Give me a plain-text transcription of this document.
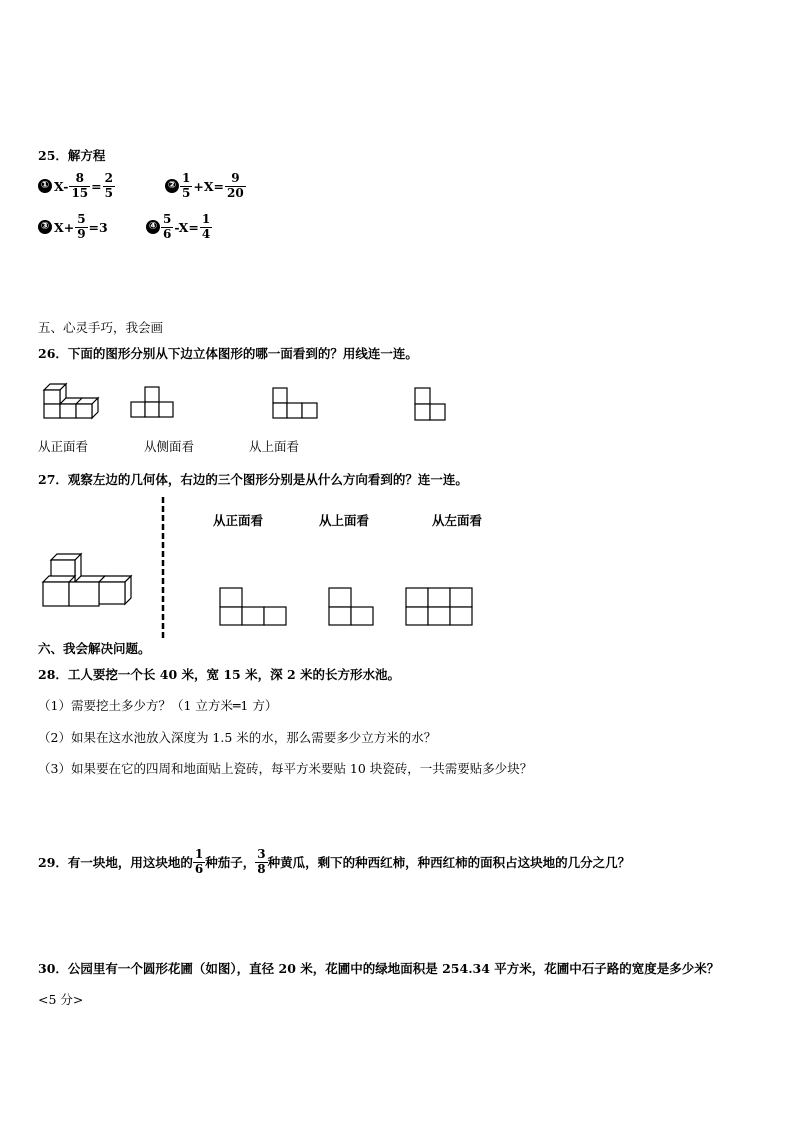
25．解方程
① $X- \frac{8}{15} = \frac{2}{5}$	② $\frac{1}{5} +X= \frac{9}{20}$
③ $X+ \frac{5}{9} =3$	④ $\frac{5}{6} -X= \frac{1}{4}$
五、心灵手巧，我会画
26．下面的图形分别从下边立体图形的哪一面看到的？用线连一连。
从正面看	从侧面看	从上面看
27．观察左边的几何体，右边的三个图形分别是从什么方向看到的？连一连。
从正面看	从上面看	从左面看
六、我会解决问题。
28．工人要挖一个长 40 米，宽 15 米，深 2 米的长方形水池。
（1）需要挖土多少方？（1 立方米═1 方）
（2）如果在这水池放入深度为 1.5 米的水，那么需要多少立方米的水？
（3）如果要在它的四周和地面贴上瓷砖，每平方米要贴 10 块瓷砖，一共需要贴多少块？
29．有一块地，用这块地的 $\frac{1}{6}$ 种茄子， $\frac{3}{8}$ 种黄瓜，剩下的种西红柿，种西红柿的面积占这块地的几分之几？
30．公园里有一个圆形花圃（如图），直径 20 米，花圃中的绿地面积是 254.34 平方米，花圃中石子路的宽度是多少米？
<5 分>
